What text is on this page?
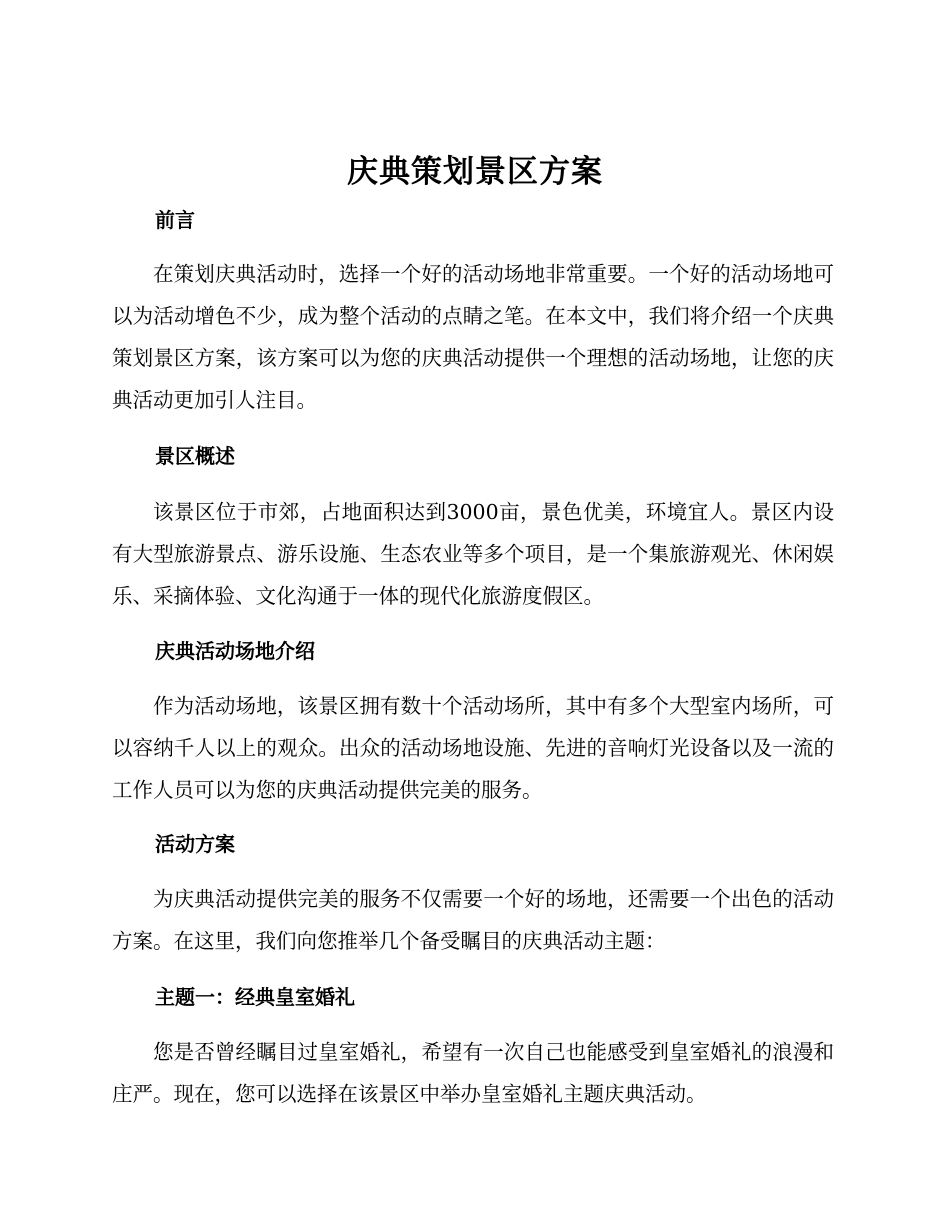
庆典策划景区方案
前言

在策划庆典活动时，选择一个好的活动场地非常重要。一个好的活动场地可以为活动增色不少，成为整个活动的点睛之笔。在本文中，我们将介绍一个庆典策划景区方案，该方案可以为您的庆典活动提供一个理想的活动场地，让您的庆典活动更加引人注目。

景区概述

该景区位于市郊，占地面积达到3000亩，景色优美，环境宜人。景区内设有大型旅游景点、游乐设施、生态农业等多个项目，是一个集旅游观光、休闲娱乐、采摘体验、文化沟通于一体的现代化旅游度假区。

庆典活动场地介绍

作为活动场地，该景区拥有数十个活动场所，其中有多个大型室内场所，可以容纳千人以上的观众。出众的活动场地设施、先进的音响灯光设备以及一流的工作人员可以为您的庆典活动提供完美的服务。

活动方案

为庆典活动提供完美的服务不仅需要一个好的场地，还需要一个出色的活动方案。在这里，我们向您推举几个备受瞩目的庆典活动主题：

主题一：经典皇室婚礼

您是否曾经瞩目过皇室婚礼，希望有一次自己也能感受到皇室婚礼的浪漫和庄严。现在，您可以选择在该景区中举办皇室婚礼主题庆典活动。
